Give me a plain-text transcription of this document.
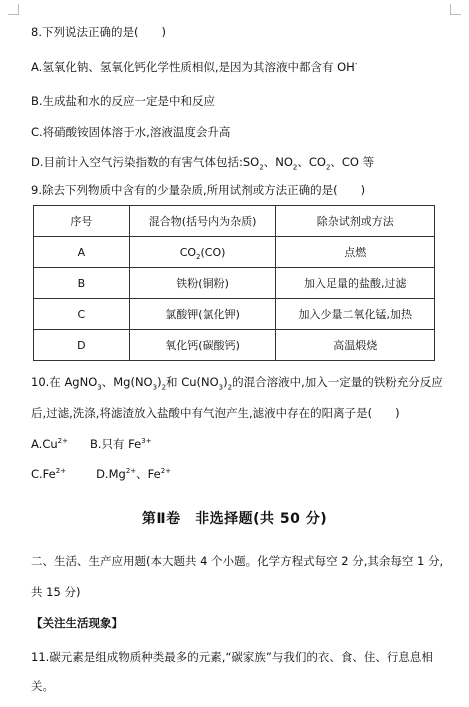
8.下列说法正确的是(　　)
A.氢氧化钠、氢氧化钙化学性质相似,是因为其溶液中都含有 OH-
B.生成盐和水的反应一定是中和反应
C.将硝酸铵固体溶于水,溶液温度会升高
D.目前计入空气污染指数的有害气体包括$:SO_2$、$NO_2$、$CO_2$、CO 等
9.除去下列物质中含有的少量杂质,所用试剂或方法正确的是(　　)
序号	混合物(括号内为杂质)	除杂试剂或方法
A	$CO_2(CO)$	点燃
B	铁粉(铜粉)	加入足量的盐酸,过滤
C	氯酸钾(氯化钾)	加入少量二氧化锰,加热
D	氧化钙(碳酸钙)	高温煅烧
10.在 AgNO$_3$、$Mg(NO_3)_2$和 $Cu(NO_3)_2$的混合溶液中,加入一定量的铁粉充分反应
后,过滤,洗涤,将滤渣放入盐酸中有气泡产生,滤液中存在的阳离子是(　　)
$A.Cu^{2+}$ B.只有 $Fe^{3+}$
$C.Fe^{2+}$	$D.Mg^{2+}$、$Fe^{2+}$
第Ⅱ卷　非选择题(共 50 分)
二、生活、生产应用题(本大题共 4 个小题。化学方程式每空 2 分,其余每空 1 分,
共 15 分)
【关注生活现象】
11.碳元素是组成物质种类最多的元素,“碳家族”与我们的衣、食、住、行息息相
关。
